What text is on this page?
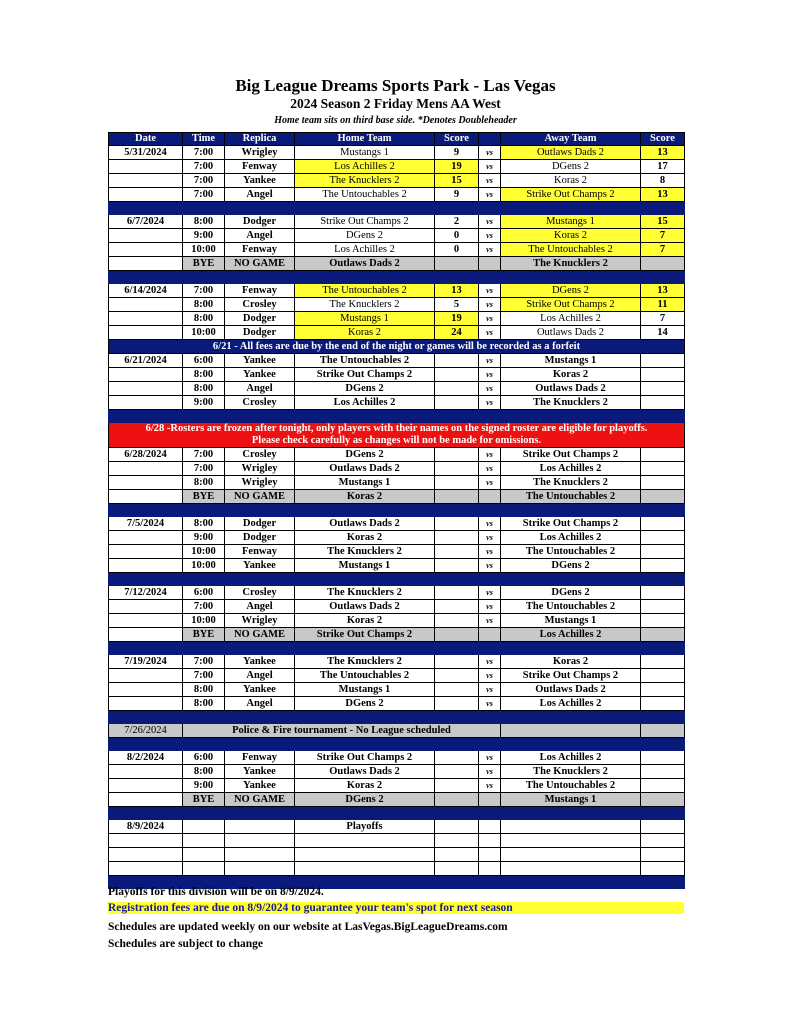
Big League Dreams Sports Park - Las Vegas
2024 Season 2 Friday Mens AA West
Home team sits on third base side. *Denotes Doubleheader
Date	Time	Replica	Home Team	Score		Away Team	Score
5/31/2024	7:00	Wrigley	Mustangs 1	9	vs	Outlaws Dads 2	13
	7:00	Fenway	Los Achilles 2	19	vs	DGens 2	17
	7:00	Yankee	The Knucklers 2	15	vs	Koras 2	8
	7:00	Angel	The Untouchables 2	9	vs	Strike Out Champs 2	13

6/7/2024	8:00	Dodger	Strike Out Champs 2	2	vs	Mustangs 1	15
	9:00	Angel	DGens 2	0	vs	Koras 2	7
	10:00	Fenway	Los Achilles 2	0	vs	The Untouchables 2	7
	BYE	NO GAME	Outlaws Dads 2			The Knucklers 2	

6/14/2024	7:00	Fenway	The Untouchables 2	13	vs	DGens 2	13
	8:00	Crosley	The Knucklers 2	5	vs	Strike Out Champs 2	11
	8:00	Dodger	Mustangs 1	19	vs	Los Achilles 2	7
	10:00	Dodger	Koras 2	24	vs	Outlaws Dads 2	14
6/21 - All fees are due by the end of the night or games will be recorded as a forfeit							
6/21/2024	6:00	Yankee	The Untouchables 2		vs	Mustangs 1	
	8:00	Yankee	Strike Out Champs 2		vs	Koras 2	
	8:00	Angel	DGens 2		vs	Outlaws Dads 2	
	9:00	Crosley	Los Achilles 2		vs	The Knucklers 2	

6/28 -Rosters are frozen after tonight, only players with their names on the signed roster are eligible for playoffs.
Please check carefully as changes will not be made for omissions.							

6/28/2024	7:00	Crosley	DGens 2		vs	Strike Out Champs 2	
	7:00	Wrigley	Outlaws Dads 2		vs	Los Achilles 2	
	8:00	Wrigley	Mustangs 1		vs	The Knucklers 2	
	BYE	NO GAME	Koras 2			The Untouchables 2	

7/5/2024	8:00	Dodger	Outlaws Dads 2		vs	Strike Out Champs 2	
	9:00	Dodger	Koras 2		vs	Los Achilles 2	
	10:00	Fenway	The Knucklers 2		vs	The Untouchables 2	
	10:00	Yankee	Mustangs 1		vs	DGens 2	

7/12/2024	6:00	Crosley	The Knucklers 2		vs	DGens 2	
	7:00	Angel	Outlaws Dads 2		vs	The Untouchables 2	
	10:00	Wrigley	Koras 2		vs	Mustangs 1	
	BYE	NO GAME	Strike Out Champs 2			Los Achilles 2	

7/19/2024	7:00	Yankee	The Knucklers 2		vs	Koras 2	
	7:00	Angel	The Untouchables 2		vs	Strike Out Champs 2	
	8:00	Yankee	Mustangs 1		vs	Outlaws Dads 2	
	8:00	Angel	DGens 2		vs	Los Achilles 2	

7/26/2024	Police & Fire tournament - No League scheduled						

8/2/2024	6:00	Fenway	Strike Out Champs 2		vs	Los Achilles 2	
	8:00	Yankee	Outlaws Dads 2		vs	The Knucklers 2	
	9:00	Yankee	Koras 2		vs	The Untouchables 2	
	BYE	NO GAME	DGens 2			Mustangs 1	

8/9/2024			Playoffs				

Playoffs for this division will be on 8/9/2024.
Registration fees are due on 8/9/2024 to guarantee your team's spot for next season
Schedules are updated weekly on our website at LasVegas.BigLeagueDreams.com
Schedules are subject to change
